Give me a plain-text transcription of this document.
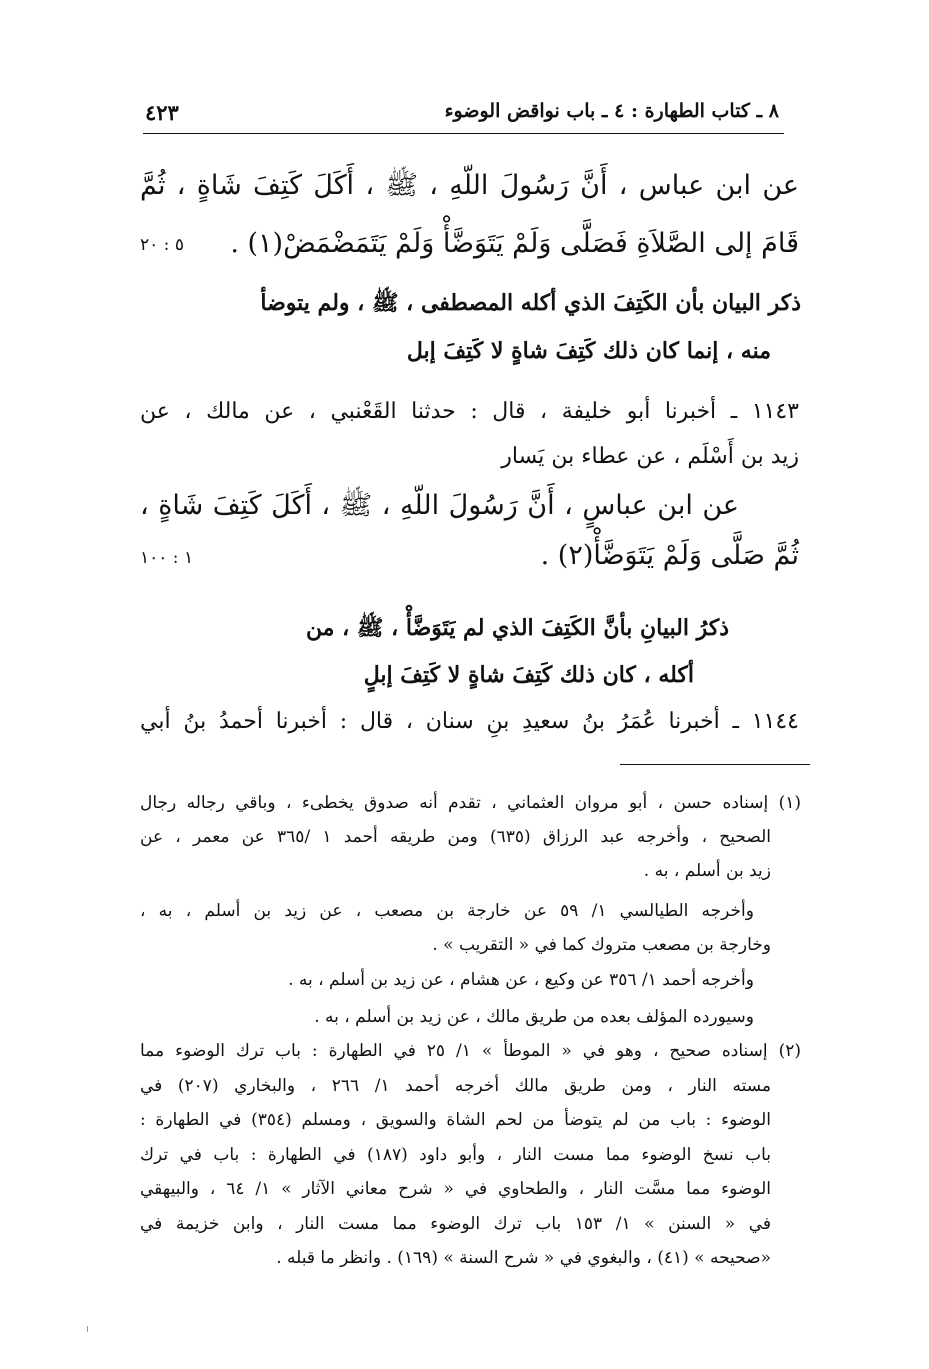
٨ ـ كتاب الطهارة : ٤ ـ باب نواقض الوضوء
٤٢٣
عن ابن عباس ، أَنَّ رَسُولَ اللّهِ ، ﷺ ، أَكَلَ كَتِفَ شَاةٍ ، ثُمَّ
قَامَ إلى الصَّلاَةِ فَصَلَّى وَلَمْ يَتَوَضَّأْ وَلَمْ يَتَمَضْمَضْ(١) .
٥ : ٢٠
ذكر البيان بأن الكَتِفَ الذي أكله المصطفى ، ﷺ ، ولم يتوضأ
منه ، إنما كان ذلك كَتِفَ شاةٍ لا كَتِفَ إبل
١١٤٣ ـ أخبرنا أبو خليفة ، قال : حدثنا القَعْنبي ، عن مالك ، عن
زيد بن أَسْلَم ، عن عطاء بن يَسار
عن ابن عباسٍ ، أَنَّ رَسُولَ اللّهِ ، ﷺ ، أَكَلَ كَتِفَ شَاةٍ ،
ثُمَّ صَلَّى وَلَمْ يَتَوَضَّأْ(٢) .
١ : ١٠٠
ذكرُ البيانِ بأنَّ الكَتِفَ الذي لم يَتَوَضَّأْ ، ﷺ ، من
أكله ، كان ذلك كَتِفَ شاةٍ لا كَتِفَ إبلٍ
١١٤٤ ـ أخبرنا عُمَرُ بنُ سعيدِ بنِ سنان ، قال : أخبرنا أحمدُ بنُ أبي
(١) إسناده حسن ، أبو مروان العثماني ، تقدم أنه صدوق يخطىء ، وباقي رجاله رجال
الصحيح ، وأخرجه عبد الرزاق (٦٣٥) ومن طريقه أحمد ١ /٣٦٥ عن معمر ، عن
زيد بن أسلم ، به .
وأخرجه الطيالسي ١/ ٥٩ عن خارجة بن مصعب ، عن زيد بن أسلم ، به ،
وخارجة بن مصعب متروك كما في « التقريب » .
وأخرجه أحمد ١/ ٣٥٦ عن وكيع ، عن هشام ، عن زيد بن أسلم ، به .
وسيورده المؤلف بعده من طريق مالك ، عن زيد بن أسلم ، به .
(٢) إسناده صحيح ، وهو في « الموطأ » ١/ ٢٥ في الطهارة : باب ترك الوضوء مما
مسته النار ، ومن طريق مالك أخرجه أحمد ١/ ٢٦٦ ، والبخاري (٢٠٧) في
الوضوء : باب من لم يتوضأ من لحم الشاة والسويق ، ومسلم (٣٥٤) في الطهارة :
باب نسخ الوضوء مما مست النار ، وأبو داود (١٨٧) في الطهارة : باب في ترك
الوضوء مما مسَّت النار ، والطحاوي في « شرح معاني الآثار » ١/ ٦٤ ، والبيهقي
في « السنن » ١/ ١٥٣ باب ترك الوضوء مما مست النار ، وابن خزيمة في
«صحيحه » (٤١) ، والبغوي في « شرح السنة » (١٦٩) . وانظر ما قبله .
